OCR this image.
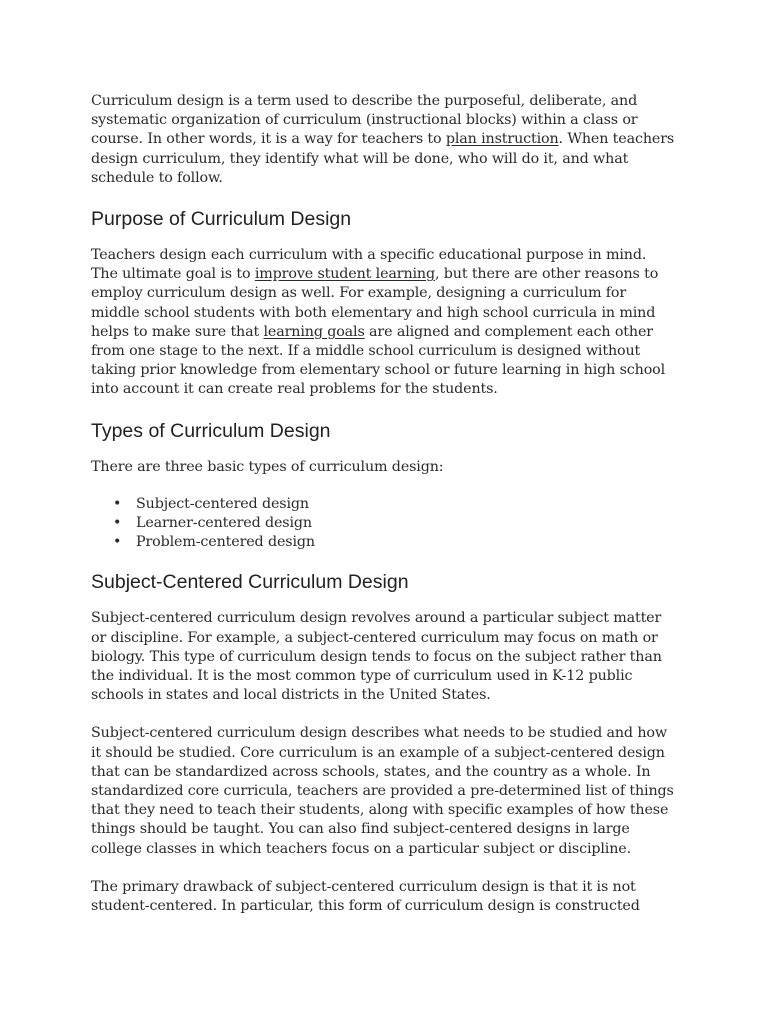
Curriculum design is a term used to describe the purposeful, deliberate, and
systematic organization of curriculum (instructional blocks) within a class or
course. In other words, it is a way for teachers to plan instruction. When teachers
design curriculum, they identify what will be done, who will do it, and what
schedule to follow.

Purpose of Curriculum Design

Teachers design each curriculum with a specific educational purpose in mind.
The ultimate goal is to improve student learning, but there are other reasons to
employ curriculum design as well. For example, designing a curriculum for
middle school students with both elementary and high school curricula in mind
helps to make sure that learning goals are aligned and complement each other
from one stage to the next. If a middle school curriculum is designed without
taking prior knowledge from elementary school or future learning in high school
into account it can create real problems for the students.

Types of Curriculum Design

There are three basic types of curriculum design:

• Subject-centered design
• Learner-centered design
• Problem-centered design
Subject-Centered Curriculum Design

Subject-centered curriculum design revolves around a particular subject matter
or discipline. For example, a subject-centered curriculum may focus on math or
biology. This type of curriculum design tends to focus on the subject rather than
the individual. It is the most common type of curriculum used in K-12 public
schools in states and local districts in the United States.

Subject-centered curriculum design describes what needs to be studied and how
it should be studied. Core curriculum is an example of a subject-centered design
that can be standardized across schools, states, and the country as a whole. In
standardized core curricula, teachers are provided a pre-determined list of things
that they need to teach their students, along with specific examples of how these
things should be taught. You can also find subject-centered designs in large
college classes in which teachers focus on a particular subject or discipline.

The primary drawback of subject-centered curriculum design is that it is not
student-centered. In particular, this form of curriculum design is constructed
